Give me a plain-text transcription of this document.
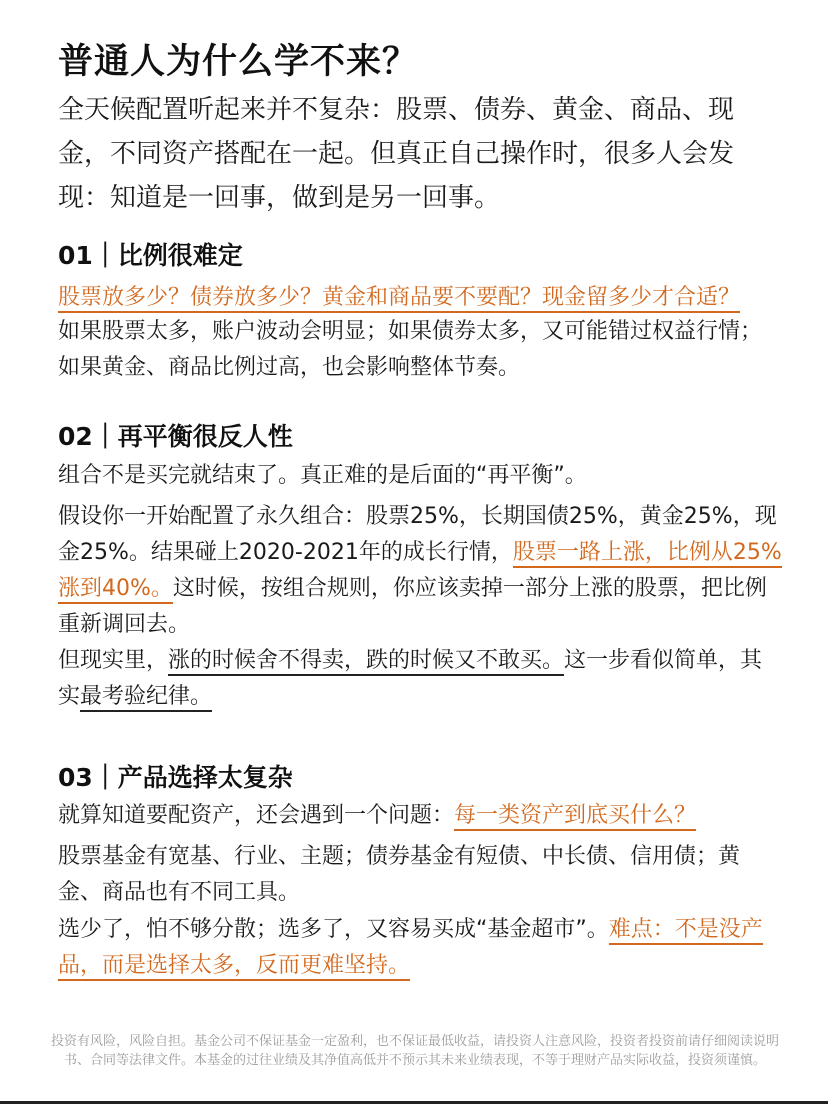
普通人为什么学不来？

全天候配置听起来并不复杂：股票、债券、黄金、商品、现金，不同资产搭配在一起。但真正自己操作时，很多人会发现：知道是一回事，做到是另一回事。

01｜比例很难定

股票放多少？债券放多少？黄金和商品要不要配？现金留多少才合适？

如果股票太多，账户波动会明显；如果债券太多，又可能错过权益行情；如果黄金、商品比例过高，也会影响整体节奏。

02｜再平衡很反人性

组合不是买完就结束了。真正难的是后面的“再平衡”。

假设你一开始配置了永久组合：股票25%，长期国债25%，黄金25%，现金25%。结果碰上2020-2021年的成长行情，股票一路上涨，比例从25%涨到40%。这时候，按组合规则，你应该卖掉一部分上涨的股票，把比例重新调回去。

但现实里，涨的时候舍不得卖，跌的时候又不敢买。这一步看似简单，其实最考验纪律。

03｜产品选择太复杂

就算知道要配资产，还会遇到一个问题：每一类资产到底买什么？

股票基金有宽基、行业、主题；债券基金有短债、中长债、信用债；黄金、商品也有不同工具。

选少了，怕不够分散；选多了，又容易买成“基金超市”。难点：不是没产品，而是选择太多，反而更难坚持。

投资有风险，风险自担。基金公司不保证基金一定盈利，也不保证最低收益，请投资人注意风险，投资者投资前请仔细阅读说明书、合同等法律文件。本基金的过往业绩及其净值高低并不预示其未来业绩表现，不等于理财产品实际收益，投资须谨慎。
